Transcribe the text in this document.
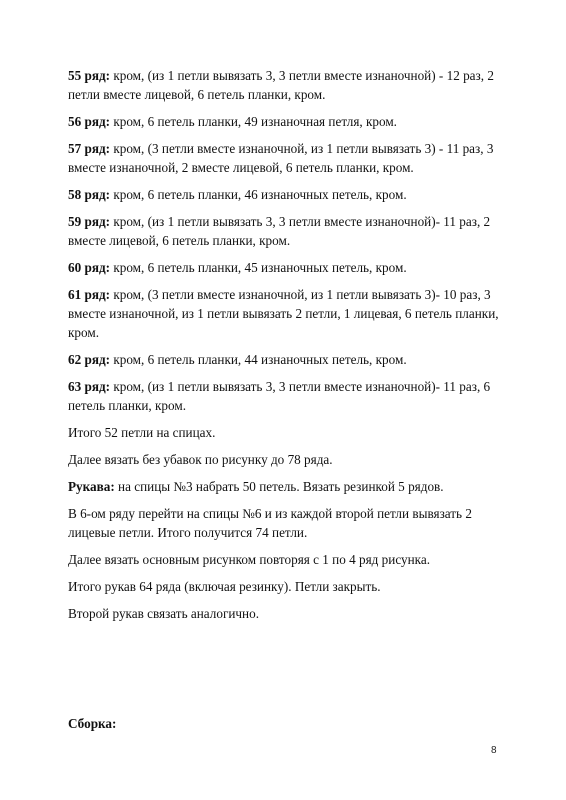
55 ряд: кром, (из 1 петли вывязать 3, 3 петли вместе изнаночной) - 12 раз, 2 петли вместе лицевой, 6 петель планки, кром.

56 ряд: кром, 6 петель планки, 49 изнаночная петля, кром.

57 ряд: кром, (3 петли вместе изнаночной, из 1 петли вывязать 3) - 11 раз, 3 вместе изнаночной, 2 вместе лицевой, 6 петель планки, кром.

58 ряд: кром, 6 петель планки, 46 изнаночных петель, кром.

59 ряд: кром, (из 1 петли вывязать 3, 3 петли вместе изнаночной)- 11 раз, 2 вместе лицевой, 6 петель планки, кром.

60 ряд: кром, 6 петель планки, 45 изнаночных петель, кром.

61 ряд: кром, (3 петли вместе изнаночной, из 1 петли вывязать 3)- 10 раз, 3 вместе изнаночной, из 1 петли вывязать 2 петли, 1 лицевая, 6 петель планки, кром.

62 ряд: кром, 6 петель планки, 44 изнаночных петель, кром.

63 ряд: кром, (из 1 петли вывязать 3, 3 петли вместе изнаночной)- 11 раз, 6 петель планки, кром.

Итого 52 петли на спицах.

Далее вязать без убавок по рисунку до 78 ряда.

Рукава: на спицы №3 набрать 50 петель. Вязать резинкой 5 рядов.

В 6-ом ряду перейти на спицы №6 и из каждой второй петли вывязать 2 лицевые петли. Итого получится 74 петли.

Далее вязать основным рисунком повторяя с 1 по 4 ряд рисунка.

Итого рукав 64 ряда (включая резинку). Петли закрыть.

Второй рукав связать аналогично.

Сборка:
8
